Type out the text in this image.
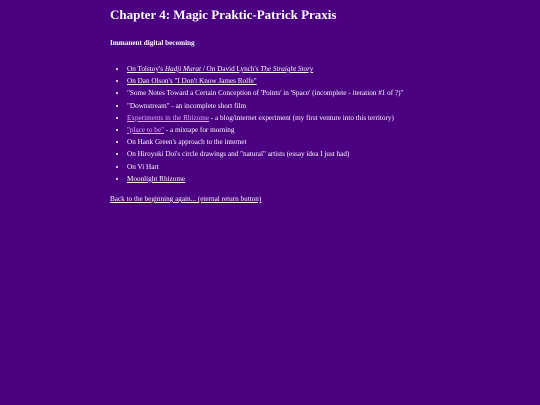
Chapter 4: Magic Praktic-Patrick Praxis
Immanent digital becoming
• On Tolstoy's Hadji Murat / On David Lynch's The Straight Story
• On Dan Olson's "I Don't Know James Rolfe"
• "Some Notes Toward a Certain Conception of 'Points' in 'Space' (incomplete - iteration #1 of ?)"
• "Downstream" - an incomplete short film
• Experiments in the Rhizome - a blog/internet experiment (my first venture into this territory)
• "place to be" - a mixtape for morning
• On Hank Green's approach to the internet
• On Hiroyuki Doi's circle drawings and "natural" artists (essay idea I just had)
• On Vi Hart
• Moonlight Rhizome
Back to the beginning again... (eternal return button)
